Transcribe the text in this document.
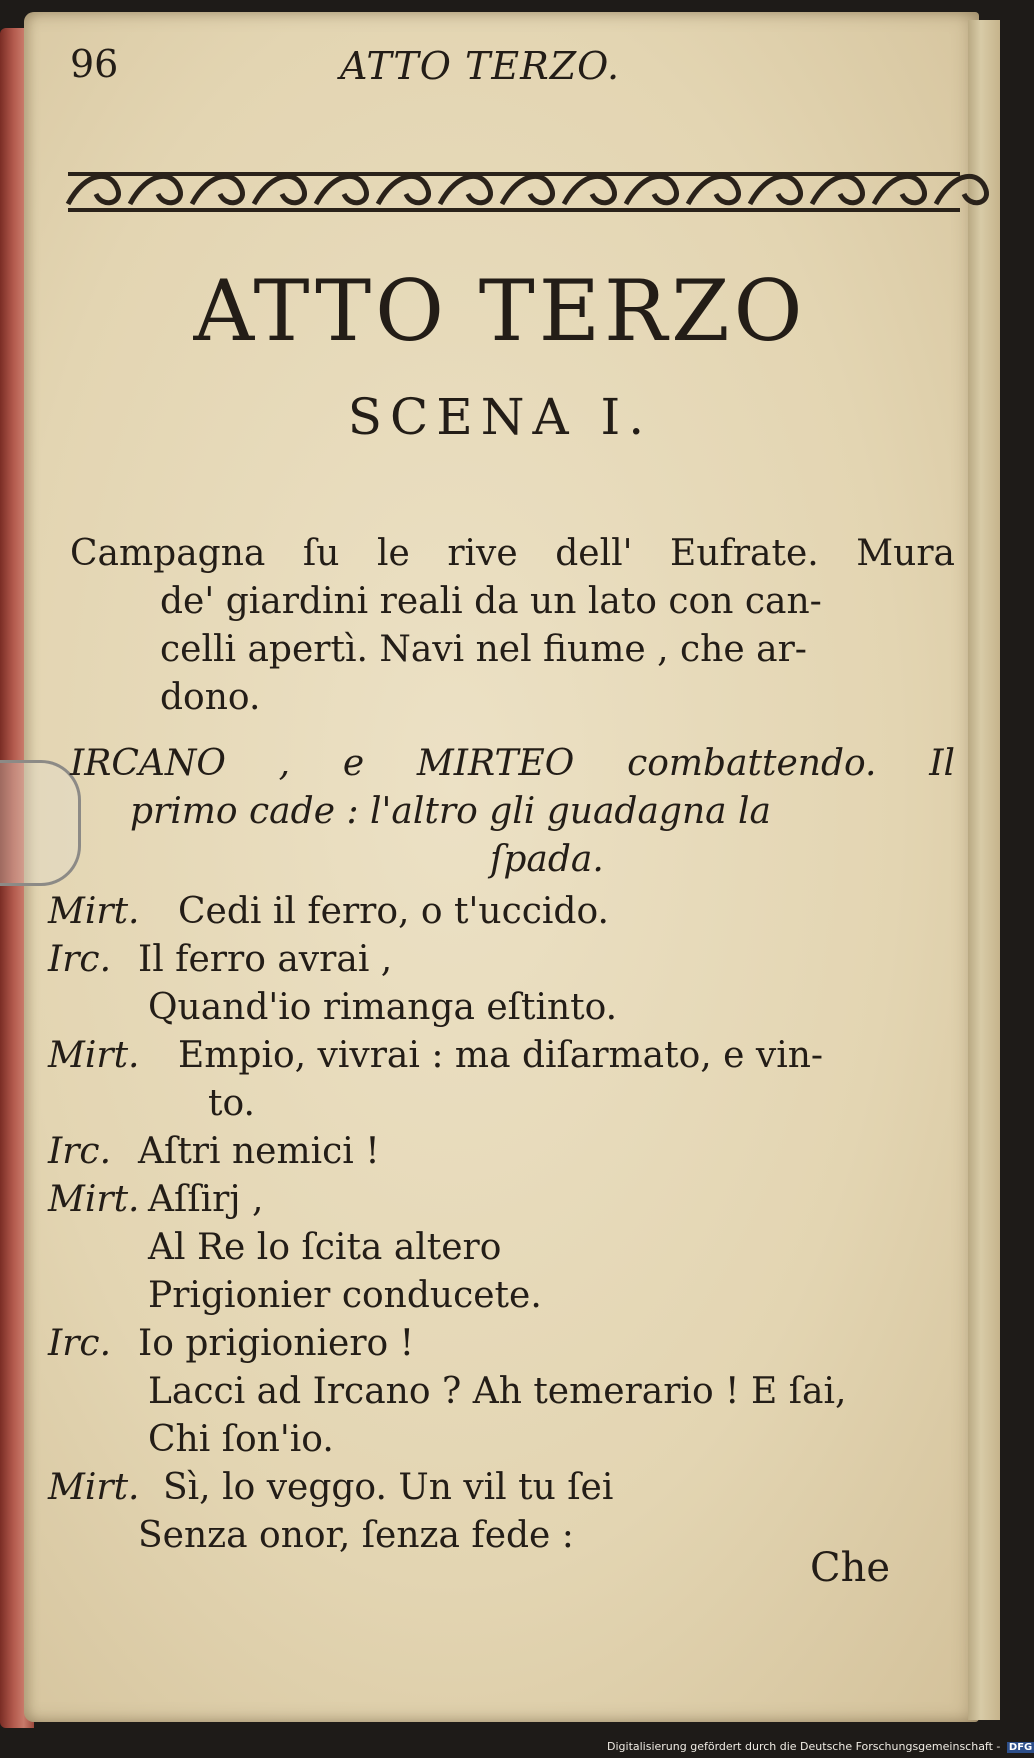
96	ATTO TERZO.
ATTO TERZO
SCENA I.
Campagna ſu le rive dell' Eufrate. Mura
de' giardini reali da un lato con can-
celli apertì. Navi nel fiume , che ar-
dono.
IRCANO , e MIRTEO combattendo. Il
primo cade : l'altro gli guadagna la
ſpada.
Mirt.	Cedi il ferro, o t'uccido.
Irc. Il ferro avrai ,
Quand'io rimanga eſtinto.
Mirt.	Empio, vivrai : ma diſarmato, e vin-
to.
Irc. Aſtri nemici !
Mirt. Aſſirj ,
Al Re lo ſcita altero
Prigionier conducete.
Irc. Io prigioniero !
Lacci ad Ircano ? Ah temerario ! E ſai,
Chi ſon'io.
Mirt. Sì, lo veggo. Un vil tu ſei
Senza onor, ſenza fede :
Che
Digitalisierung gefördert durch die Deutsche Forschungsgemeinschaft - DFG
